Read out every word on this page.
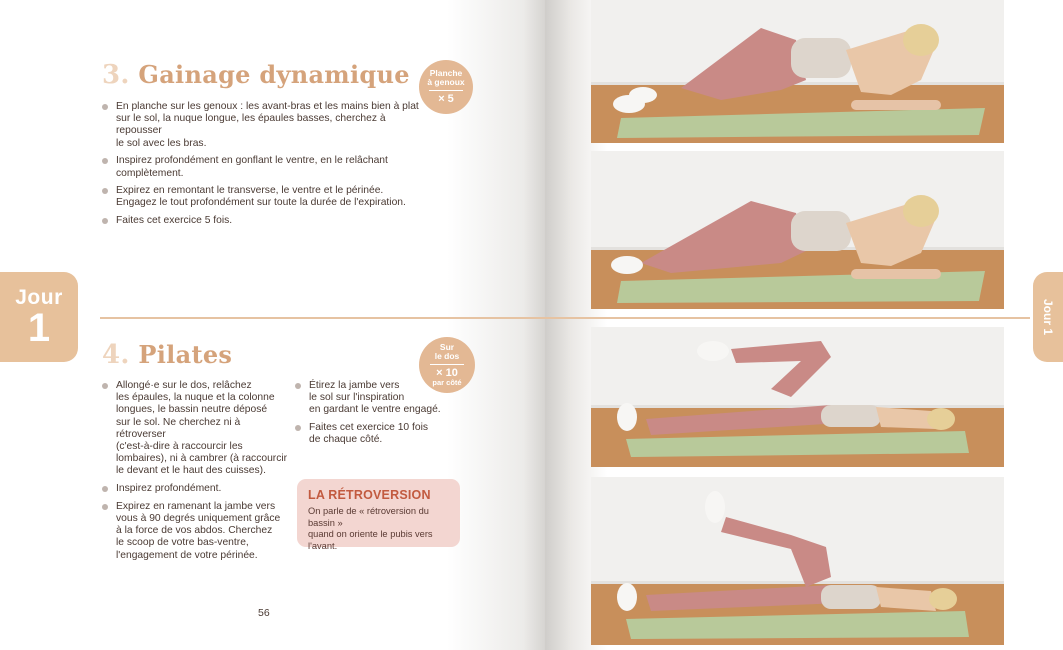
3. Gainage dynamique Planche
à genoux
× 5
En planche sur les genoux : les avant-bras et les mains bien à plat
sur le sol, la nuque longue, les épaules basses, cherchez à repousser
le sol avec les bras.
Inspirez profondément en gonflant le ventre, en le relâchant
complètement.
Expirez en remontant le transverse, le ventre et le périnée.
Engagez le tout profondément sur toute la durée de l'expiration.
Faites cet exercice 5 fois.
Jour
1	Jour 1
4. Pilates	Sur
le dos
× 10
par côté
Allongé·e sur le dos, relâchez
les épaules, la nuque et la colonne
longues, le bassin neutre déposé
sur le sol. Ne cherchez ni à rétroverser
(c'est-à-dire à raccourcir les
lombaires), ni à cambrer (à raccourcir
le devant et le haut des cuisses).
Inspirez profondément.
Expirez en ramenant la jambe vers
vous à 90 degrés uniquement grâce
à la force de vos abdos. Cherchez
le scoop de votre bas-ventre,
l'engagement de votre périnée.
Étirez la jambe vers
le sol sur l'inspiration
en gardant le ventre engagé.
Faites cet exercice 10 fois
de chaque côté.
LA RÉTROVERSION
On parle de « rétroversion du bassin »
quand on oriente le pubis vers l'avant.
56
